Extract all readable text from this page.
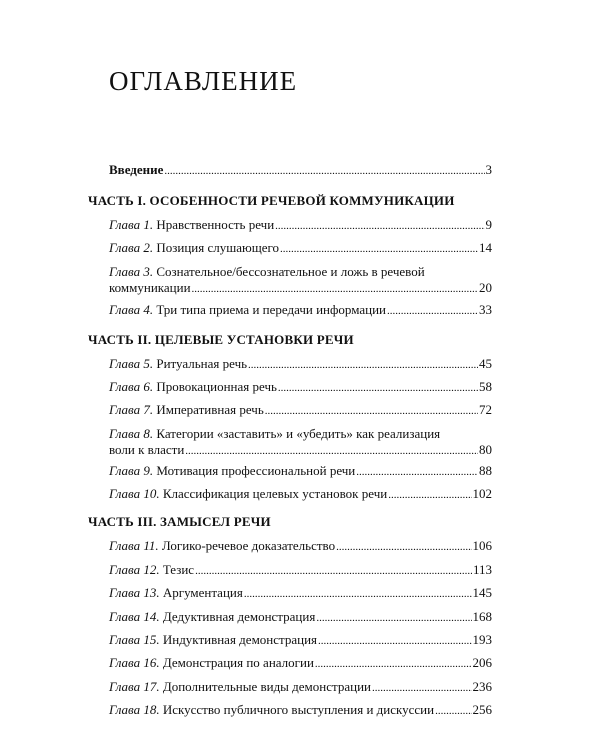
ОГЛАВЛЕНИЕ
Введение .....	3
ЧАСТЬ I. ОСОБЕННОСТИ РЕЧЕВОЙ КОММУНИКАЦИИ
Глава 1. Нравственность речи .....	9
Глава 2. Позиция слушающего .....	14
Глава 3. Сознательное/бессознательное и ложь в речевой
коммуникации .....	20
Глава 4. Три типа приема и передачи информации .....	33
ЧАСТЬ II. ЦЕЛЕВЫЕ УСТАНОВКИ РЕЧИ
Глава 5. Ритуальная речь .....	45
Глава 6. Провокационная речь .....	58
Глава 7. Императивная речь .....	72
Глава 8. Категории «заставить» и «убедить» как реализация
воли к власти .....	80
Глава 9. Мотивация профессиональной речи .....	88
Глава 10. Классификация целевых установок речи .....	102
ЧАСТЬ III. ЗАМЫСЕЛ РЕЧИ
Глава 11. Логико-речевое доказательство .....	106
Глава 12. Тезис .....	113
Глава 13. Аргументация .....	145
Глава 14. Дедуктивная демонстрация .....	168
Глава 15. Индуктивная демонстрация .....	193
Глава 16. Демонстрация по аналогии .....	206
Глава 17. Дополнительные виды демонстрации .....	236
Глава 18. Искусство публичного выступления и дискуссии .....	256
